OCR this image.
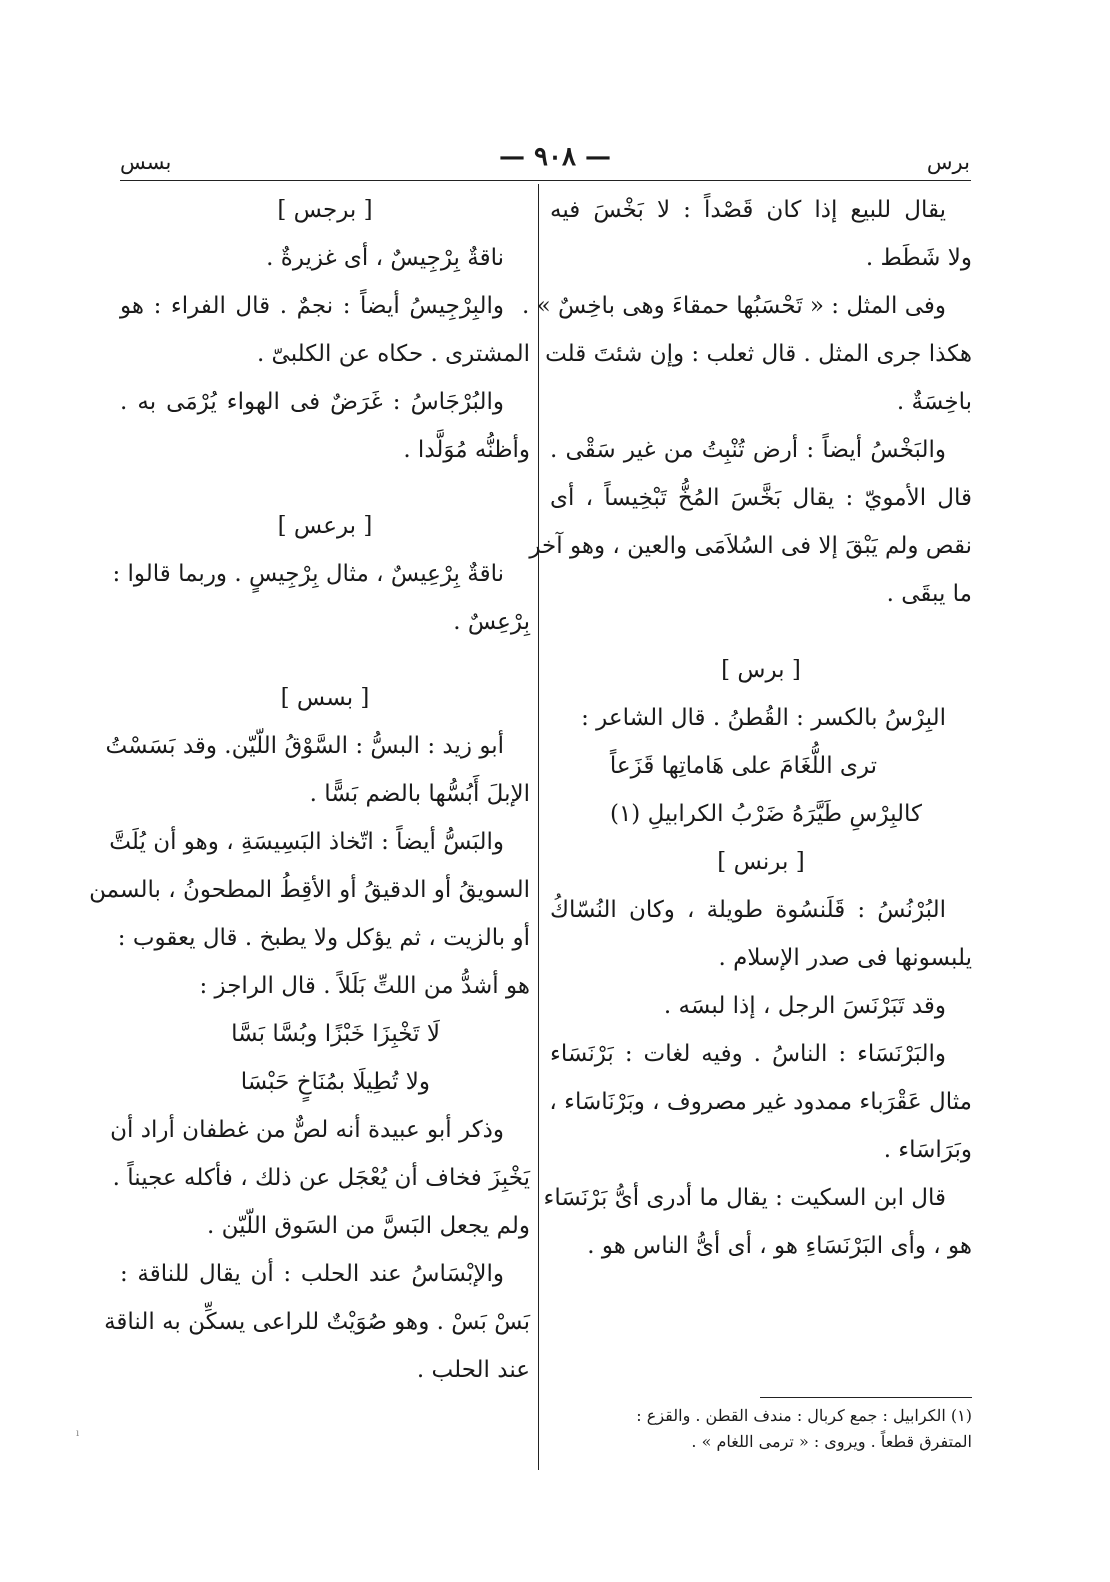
بسس	— ٩٠٨ —	برس
يقال للبيع إذا كان قَصْداً : لا بَخْسَ فيه
ولا شَطَط .
وفى المثل : « تَحْسَبُها حمقاءَ وهى باخِسٌ » .
هكذا جرى المثل . قال ثعلب : وإن شئتَ قلت
باخِسَةٌ .
والبَخْسُ أيضاً : أرض تُنْبِتُ من غير سَقْى .
قال الأمويّ : يقال بَخَّسَ المُخُّ تَبْخِيساً ، أى
نقص ولم يَبْقَ إلا فى السُلاَمَى والعين ، وهو آخر
ما يبقَى .
[ برس ]
البِرْسُ بالكسر : القُطنُ . قال الشاعر :
ترى اللُّغَامَ على هَاماتِها قَزَعاً
كالبِرْسِ طَيَّرَهُ ضَرْبُ الكرابيلِ (١)
[ برنس ]
البُرْنُسُ : قَلَنسُوة طويلة ، وكان النُسّاكُ
يلبسونها فى صدر الإسلام .
وقد تَبَرْنَسَ الرجل ، إذا لبسَه .
والبَرْنَسَاء : الناسُ . وفيه لغات : بَرْنَسَاء
مثال عَقْرَباء ممدود غير مصروف ، وبَرْنَاسَاء ،
وبَرَاسَاء .
قال ابن السكيت : يقال ما أدرى أىُّ بَرْنَسَاء
هو ، وأى البَرْنَسَاءِ هو ، أى أىُّ الناس هو .
[ برجس ]
ناقةٌ بِرْجِيسٌ ، أى غزيرةٌ .
والبِرْجِيسُ أيضاً : نجمٌ . قال الفراء : هو
المشترى . حكاه عن الكلبىّ .
والبُرْجَاسُ : غَرَضٌ فى الهواء يُرْمَى به .
وأظنُّه مُوَلَّدا .
[ برعس ]
ناقةٌ بِرْعِيسٌ ، مثال بِرْجِيسٍ . وربما قالوا :
بِرْعِسٌ .
[ بسس ]
أبو زيد : البسُّ : السَّوْقُ اللّيّن. وقد بَسَسْتُ
الإبلَ أَبُسُّها بالضم بَسًّا .
والبَسُّ أيضاً : اتّخاذ البَسِيسَةِ ، وهو أن يُلَتَّ
السويقُ أو الدقيقُ أو الأقِطُ المطحونُ ، بالسمن
أو بالزيت ، ثم يؤكل ولا يطبخ . قال يعقوب :
هو أشدُّ من اللتِّ بَلَلاً . قال الراجز :
لَا تَخْبِزَا خَبْزًا وبُسَّا بَسَّا
ولا تُطِيلَا بمُنَاخٍ حَبْسَا
وذكر أبو عبيدة أنه لصٌّ من غطفان أراد أن
يَخْبِزَ فخاف أن يُعْجَل عن ذلك ، فأكله عجيناً .
ولم يجعل البَسَّ من السَوق اللّيّن .
والإبْسَاسُ عند الحلب : أن يقال للناقة :
بَسْ بَسْ . وهو صُوَيْتٌ للراعى يسكِّن به الناقة
عند الحلب .
(١) الكرابيل : جمع كربال : مندف القطن . والقزع :
المتفرق قطعاً . ويروى : « ترمى اللغام » .
ı
